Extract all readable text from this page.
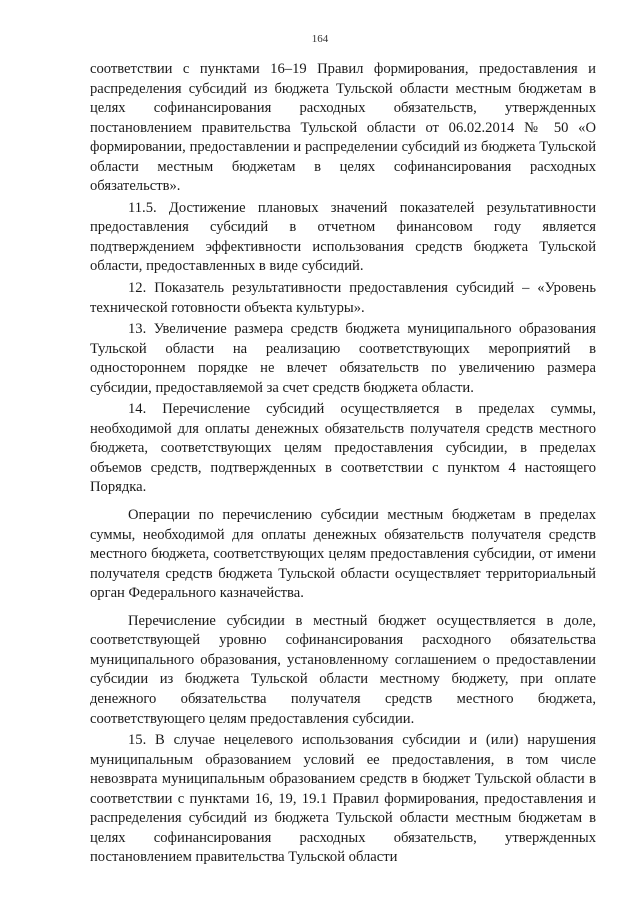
164

соответствии с пунктами 16–19 Правил формирования, предоставления и распределения субсидий из бюджета Тульской области местным бюджетам в целях софинансирования расходных обязательств, утвержденных постановлением правительства Тульской области от 06.02.2014 № 50 «О формировании, предоставлении и распределении субсидий из бюджета Тульской области местным бюджетам в целях софинансирования расходных обязательств».

11.5. Достижение плановых значений показателей результативности предоставления субсидий в отчетном финансовом году является подтверждением эффективности использования средств бюджета Тульской области, предоставленных в виде субсидий.

12. Показатель результативности предоставления субсидий – «Уровень технической готовности объекта культуры».

13. Увеличение размера средств бюджета муниципального образования Тульской области на реализацию соответствующих мероприятий в одностороннем порядке не влечет обязательств по увеличению размера субсидии, предоставляемой за счет средств бюджета области.

14. Перечисление субсидий осуществляется в пределах суммы, необходимой для оплаты денежных обязательств получателя средств местного бюджета, соответствующих целям предоставления субсидии, в пределах объемов средств, подтвержденных в соответствии с пунктом 4 настоящего Порядка.

Операции по перечислению субсидии местным бюджетам в пределах суммы, необходимой для оплаты денежных обязательств получателя средств местного бюджета, соответствующих целям предоставления субсидии, от имени получателя средств бюджета Тульской области осуществляет территориальный орган Федерального казначейства.

Перечисление субсидии в местный бюджет осуществляется в доле, соответствующей уровню софинансирования расходного обязательства муниципального образования, установленному соглашением о предоставлении субсидии из бюджета Тульской области местному бюджету, при оплате денежного обязательства получателя средств местного бюджета, соответствующего целям предоставления субсидии.

15. В случае нецелевого использования субсидии и (или) нарушения муниципальным образованием условий ее предоставления, в том числе невозврата муниципальным образованием средств в бюджет Тульской области в соответствии с пунктами 16, 19, 19.1 Правил формирования, предоставления и распределения субсидий из бюджета Тульской области местным бюджетам в целях софинансирования расходных обязательств, утвержденных постановлением правительства Тульской области
